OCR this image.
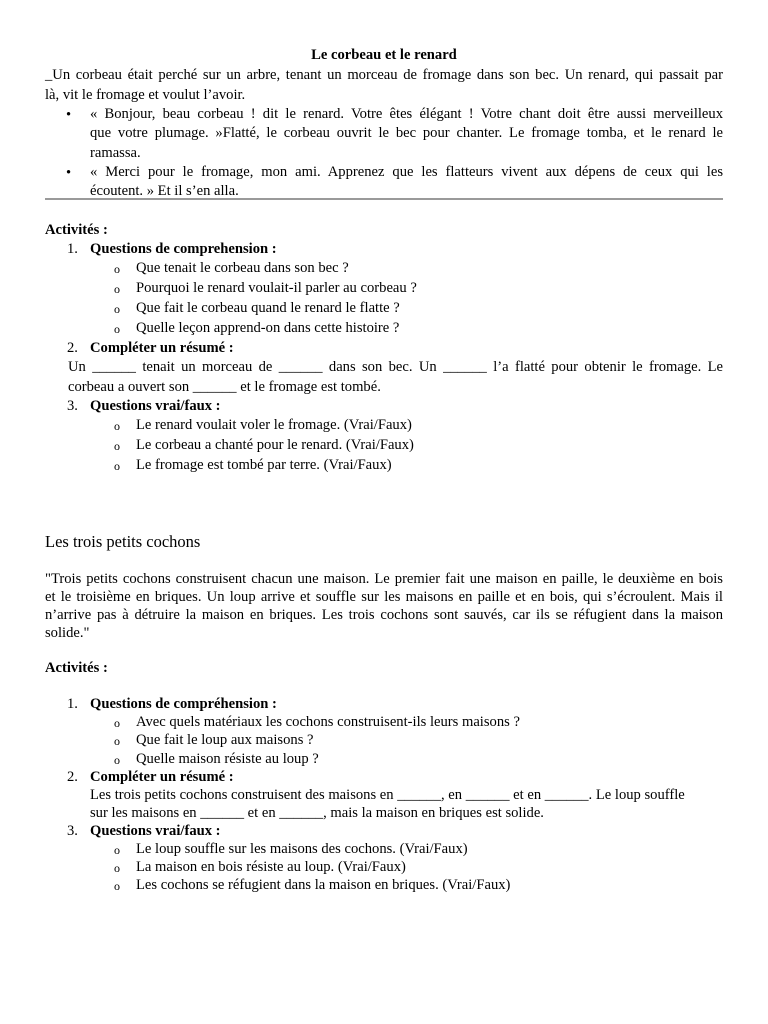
Le corbeau et le renard
_Un corbeau était perché sur un arbre, tenant un morceau de fromage dans son bec. Un renard, qui passait par
là, vit le fromage et voulut l’avoir.
• « Bonjour, beau corbeau ! dit le renard. Votre êtes élégant ! Votre chant doit être aussi merveilleux
que votre plumage. »Flatté, le corbeau ouvrit le bec pour chanter. Le fromage tomba, et le renard le
ramassa.
• « Merci pour le fromage, mon ami. Apprenez que les flatteurs vivent aux dépens de ceux qui les
écoutent. » Et il s’en alla.
Activités :
1. Questions de comprehension :
o Que tenait le corbeau dans son bec ?
o Pourquoi le renard voulait-il parler au corbeau ?
o Que fait le corbeau quand le renard le flatte ?
o Quelle leçon apprend-on dans cette histoire ?
2. Compléter un résumé :
Un ______ tenait un morceau de ______ dans son bec. Un ______ l’a flatté pour obtenir le fromage. Le
corbeau a ouvert son ______ et le fromage est tombé.
3. Questions vrai/faux :
o Le renard voulait voler le fromage. (Vrai/Faux)
o Le corbeau a chanté pour le renard. (Vrai/Faux)
o Le fromage est tombé par terre. (Vrai/Faux)
Les trois petits cochons
"Trois petits cochons construisent chacun une maison. Le premier fait une maison en paille, le deuxième en bois
et le troisième en briques. Un loup arrive et souffle sur les maisons en paille et en bois, qui s’écroulent. Mais il
n’arrive pas à détruire la maison en briques. Les trois cochons sont sauvés, car ils se réfugient dans la maison
solide."
Activités :
1. Questions de compréhension :
o Avec quels matériaux les cochons construisent-ils leurs maisons ?
o Que fait le loup aux maisons ?
o Quelle maison résiste au loup ?
2. Compléter un résumé :
Les trois petits cochons construisent des maisons en ______, en ______ et en ______. Le loup souffle
sur les maisons en ______ et en ______, mais la maison en briques est solide.
3. Questions vrai/faux :
o Le loup souffle sur les maisons des cochons. (Vrai/Faux)
o La maison en bois résiste au loup. (Vrai/Faux)
o Les cochons se réfugient dans la maison en briques. (Vrai/Faux)
